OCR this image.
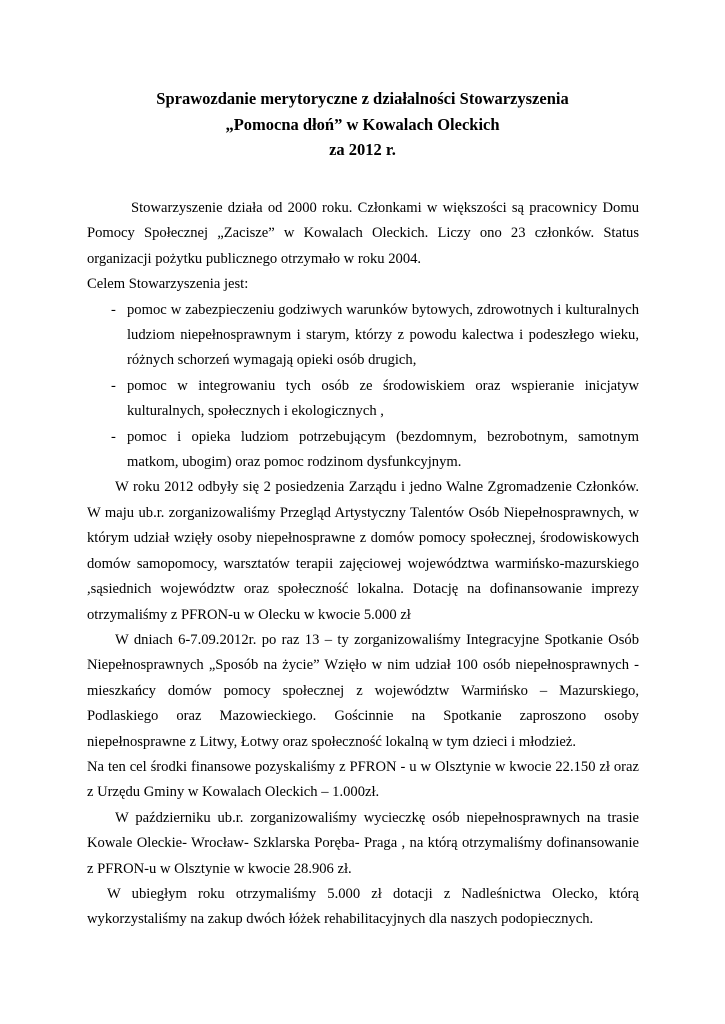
Sprawozdanie merytoryczne z działalności Stowarzyszenia
„Pomocna dłoń” w Kowalach Oleckich
za 2012 r.

Stowarzyszenie działa od 2000 roku. Członkami w większości są pracownicy Domu Pomocy Społecznej „Zacisze” w Kowalach Oleckich. Liczy ono 23 członków. Status organizacji pożytku publicznego otrzymało w roku 2004.

Celem Stowarzyszenia jest:

- pomoc w zabezpieczeniu godziwych warunków bytowych, zdrowotnych i kulturalnych ludziom niepełnosprawnym i starym, którzy z powodu kalectwa i podeszłego wieku, różnych schorzeń wymagają opieki osób drugich,
- pomoc w integrowaniu tych osób ze środowiskiem oraz wspieranie inicjatyw kulturalnych, społecznych i ekologicznych ,
- pomoc i opieka ludziom potrzebującym (bezdomnym, bezrobotnym, samotnym matkom, ubogim) oraz pomoc rodzinom dysfunkcyjnym.

W roku 2012 odbyły się 2 posiedzenia Zarządu i jedno Walne Zgromadzenie Członków. W maju ub.r. zorganizowaliśmy Przegląd Artystyczny Talentów Osób Niepełnosprawnych, w którym udział wzięły osoby niepełnosprawne z domów pomocy społecznej, środowiskowych domów samopomocy, warsztatów terapii zajęciowej województwa warmińsko-mazurskiego ,sąsiednich województw oraz społeczność lokalna. Dotację na dofinansowanie imprezy otrzymaliśmy z PFRON-u w Olecku w kwocie 5.000 zł

W dniach 6-7.09.2012r. po raz 13 – ty zorganizowaliśmy Integracyjne Spotkanie Osób Niepełnosprawnych „Sposób na życie” Wzięło w nim udział 100 osób niepełnosprawnych - mieszkańcy domów pomocy społecznej z województw Warmińsko – Mazurskiego, Podlaskiego oraz Mazowieckiego. Gościnnie na Spotkanie zaproszono osoby niepełnosprawne z Litwy, Łotwy oraz społeczność lokalną w tym dzieci i młodzież.

Na ten cel środki finansowe pozyskaliśmy z PFRON - u w Olsztynie w kwocie 22.150 zł oraz z Urzędu Gminy w Kowalach Oleckich – 1.000zł.

W październiku ub.r. zorganizowaliśmy wycieczkę osób niepełnosprawnych na trasie Kowale Oleckie- Wrocław- Szklarska Poręba- Praga , na którą otrzymaliśmy dofinansowanie z PFRON-u w Olsztynie w kwocie 28.906 zł.

W ubiegłym roku otrzymaliśmy 5.000 zł dotacji z Nadleśnictwa Olecko, którą wykorzystaliśmy na zakup dwóch łóżek rehabilitacyjnych dla naszych podopiecznych.
